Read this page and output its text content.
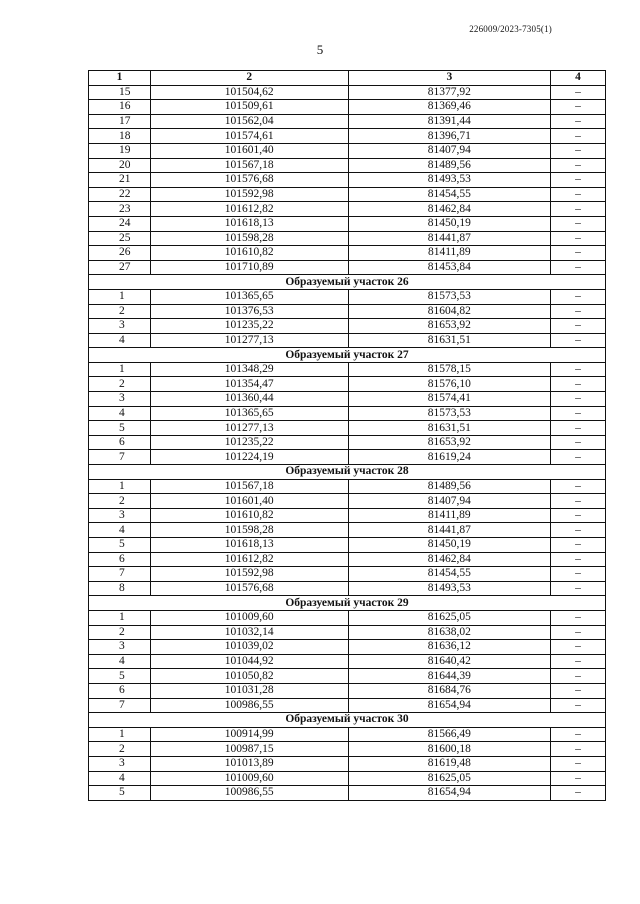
226009/2023-7305(1)
5
1	2	3	4
15	101504,62	81377,92	–
16	101509,61	81369,46	–
17	101562,04	81391,44	–
18	101574,61	81396,71	–
19	101601,40	81407,94	–
20	101567,18	81489,56	–
21	101576,68	81493,53	–
22	101592,98	81454,55	–
23	101612,82	81462,84	–
24	101618,13	81450,19	–
25	101598,28	81441,87	–
26	101610,82	81411,89	–
27	101710,89	81453,84	–
Образуемый участок 26			
1	101365,65	81573,53	–
2	101376,53	81604,82	–
3	101235,22	81653,92	–
4	101277,13	81631,51	–
Образуемый участок 27			
1	101348,29	81578,15	–
2	101354,47	81576,10	–
3	101360,44	81574,41	–
4	101365,65	81573,53	–
5	101277,13	81631,51	–
6	101235,22	81653,92	–
7	101224,19	81619,24	–
Образуемый участок 28			
1	101567,18	81489,56	–
2	101601,40	81407,94	–
3	101610,82	81411,89	–
4	101598,28	81441,87	–
5	101618,13	81450,19	–
6	101612,82	81462,84	–
7	101592,98	81454,55	–
8	101576,68	81493,53	–
Образуемый участок 29			
1	101009,60	81625,05	–
2	101032,14	81638,02	–
3	101039,02	81636,12	–
4	101044,92	81640,42	–
5	101050,82	81644,39	–
6	101031,28	81684,76	–
7	100986,55	81654,94	–
Образуемый участок 30			
1	100914,99	81566,49	–
2	100987,15	81600,18	–
3	101013,89	81619,48	–
4	101009,60	81625,05	–
5	100986,55	81654,94	–
